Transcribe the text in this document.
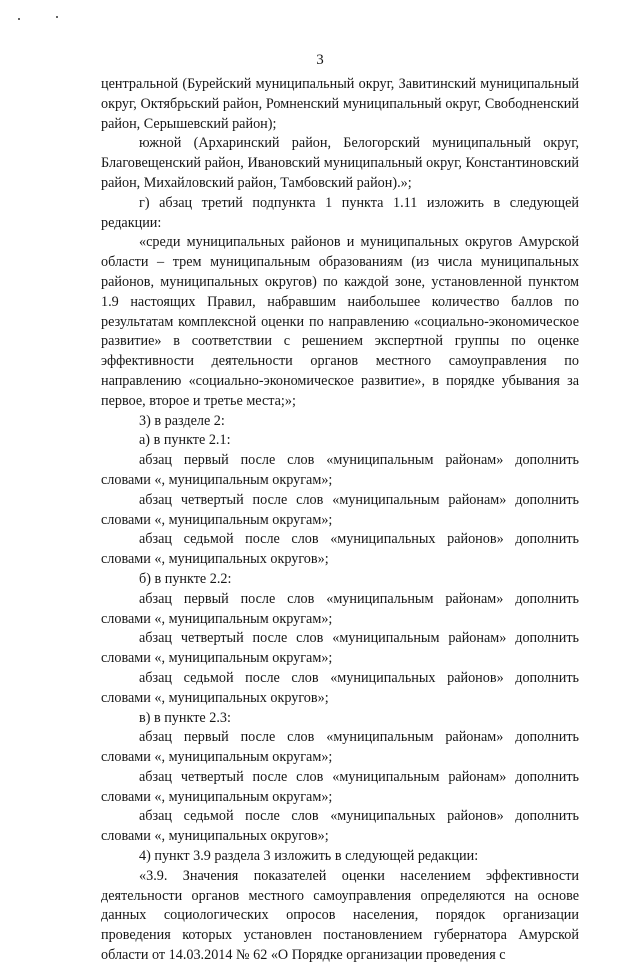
3

центральной (Бурейский муниципальный округ, Завитинский муниципальный округ, Октябрьский район, Ромненский муниципальный округ, Свободненский район, Серышевский район);

южной (Архаринский район, Белогорский муниципальный округ, Благовещенский район, Ивановский муниципальный округ, Константиновский район, Михайловский район, Тамбовский район).»;

г) абзац третий подпункта 1 пункта 1.11 изложить в следующей редакции:

«среди муниципальных районов и муниципальных округов Амурской области – трем муниципальным образованиям (из числа муниципальных районов, муниципальных округов) по каждой зоне, установленной пунктом 1.9 настоящих Правил, набравшим наибольшее количество баллов по результатам комплексной оценки по направлению «социально-экономическое развитие» в соответствии с решением экспертной группы по оценке эффективности деятельности органов местного самоуправления по направлению «социально-экономическое развитие», в порядке убывания за первое, второе и третье места;»;

3) в разделе 2:

а) в пункте 2.1:

абзац первый после слов «муниципальным районам» дополнить словами «, муниципальным округам»;

абзац четвертый после слов «муниципальным районам» дополнить словами «, муниципальным округам»;

абзац седьмой после слов «муниципальных районов» дополнить словами «, муниципальных округов»;

б) в пункте 2.2:

абзац первый после слов «муниципальным районам» дополнить словами «, муниципальным округам»;

абзац четвертый после слов «муниципальным районам» дополнить словами «, муниципальным округам»;

абзац седьмой после слов «муниципальных районов» дополнить словами «, муниципальных округов»;

в) в пункте 2.3:

абзац первый после слов «муниципальным районам» дополнить словами «, муниципальным округам»;

абзац четвертый после слов «муниципальным районам» дополнить словами «, муниципальным округам»;

абзац седьмой после слов «муниципальных районов» дополнить словами «, муниципальных округов»;

4) пункт 3.9 раздела 3 изложить в следующей редакции:

«3.9. Значения показателей оценки населением эффективности деятельности органов местного самоуправления определяются на основе данных социологических опросов населения, порядок организации проведения которых установлен постановлением губернатора Амурской области от 14.03.2014 № 62 «О Порядке организации проведения с
